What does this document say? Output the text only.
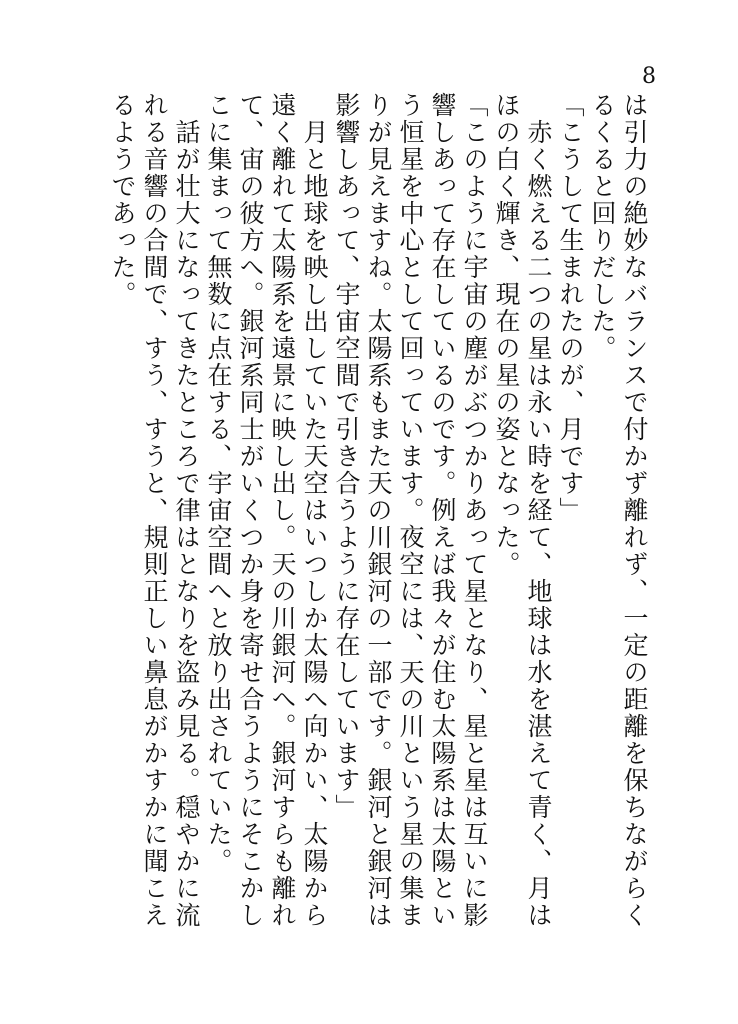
8

は引力の絶妙なバランスで付かず離れず、一定の距離を保ちながらくるくると回りだした。

「こうして生まれたのが、月です」

　赤く燃える二つの星は永い時を経て、地球は水を湛えて青く、月はほの白く輝き、現在の星の姿となった。

「このように宇宙の塵がぶつかりあって星となり、星と星は互いに影響しあって存在しているのです。例えば我々が住む太陽系は太陽という恒星を中心として回っています。夜空には、天の川という星の集まりが見えますね。太陽系もまた天の川銀河の一部です。銀河と銀河は影響しあって、宇宙空間で引き合うように存在しています」

　月と地球を映し出していた天空はいつしか太陽へ向かい、太陽から遠く離れて太陽系を遠景に映し出し。天の川銀河へ。銀河すらも離れて、宙の彼方へ。銀河系同士がいくつか身を寄せ合うようにそこかしこに集まって無数に点在する、宇宙空間へと放り出されていた。

　話が壮大になってきたところで律はとなりを盗み見る。穏やかに流れる音響の合間で、すう、すうと、規則正しい鼻息がかすかに聞こえるようであった。
